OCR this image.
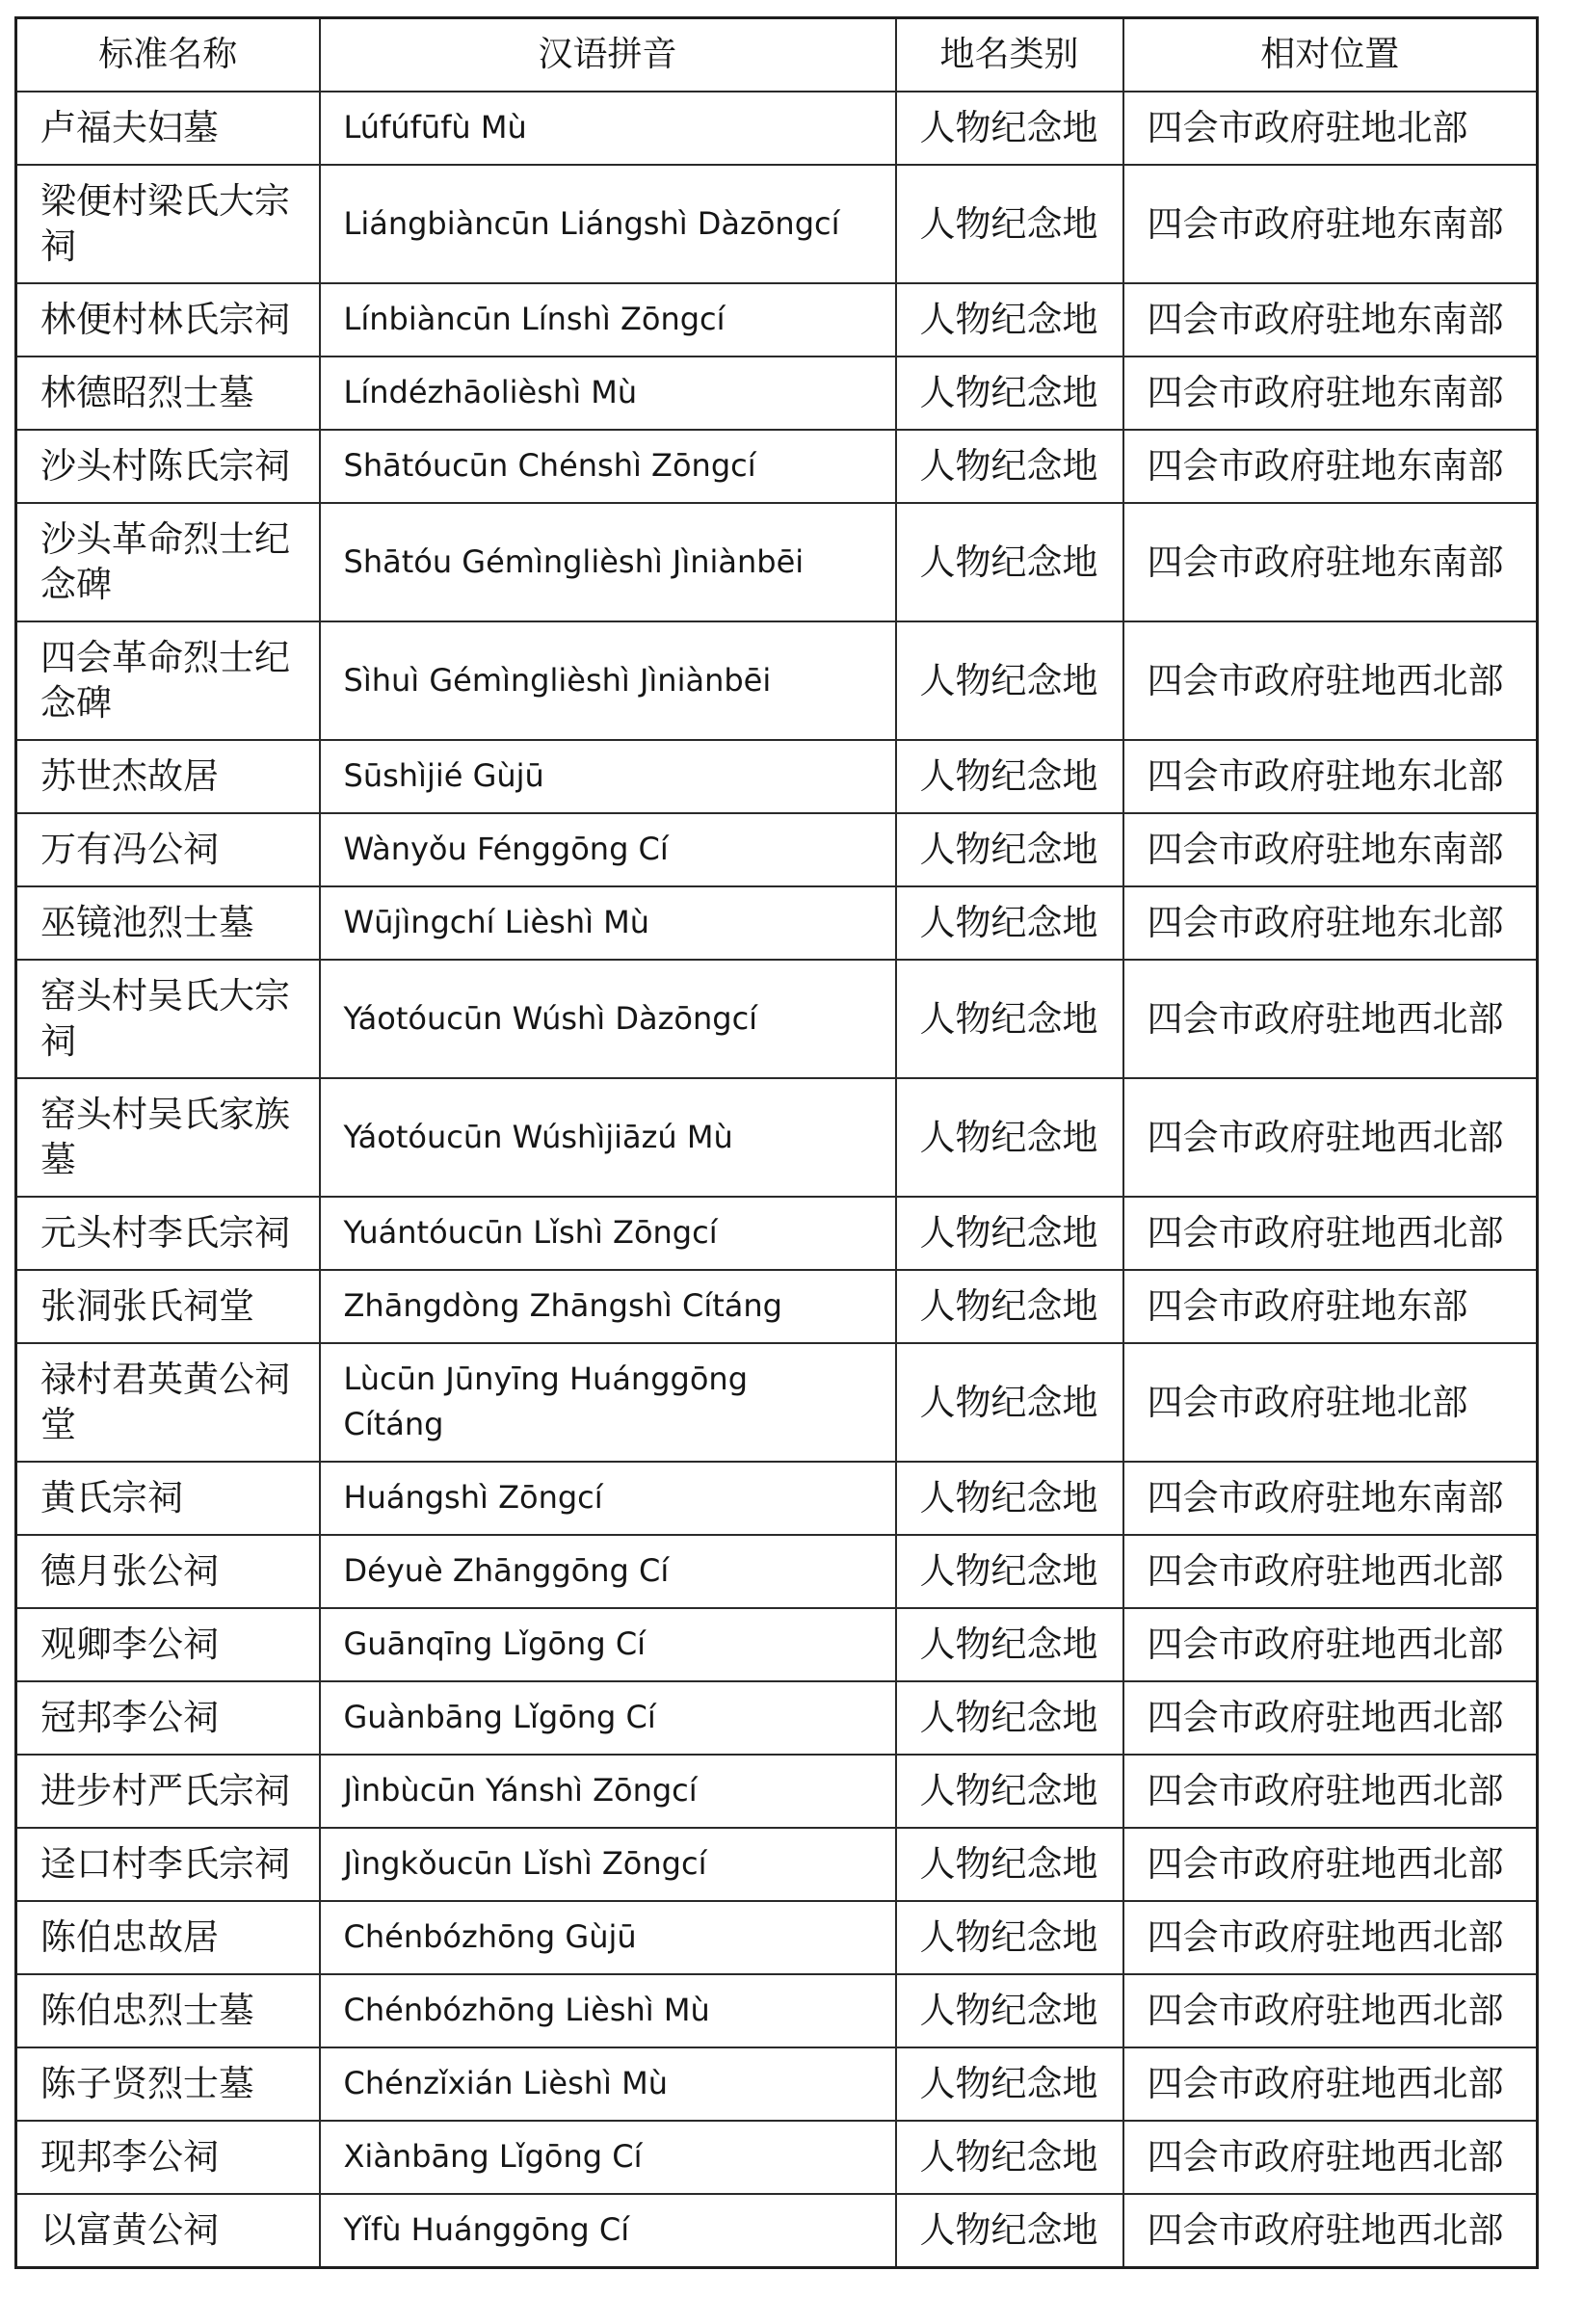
标准名称	汉语拼音	地名类别	相对位置
卢福夫妇墓	Lúfúfūfù Mù	人物纪念地	四会市政府驻地北部
梁便村梁氏大宗祠	Liángbiàncūn Liángshì Dàzōngcí	人物纪念地	四会市政府驻地东南部
林便村林氏宗祠	Línbiàncūn Línshì Zōngcí	人物纪念地	四会市政府驻地东南部
林德昭烈士墓	Líndézhāolièshì Mù	人物纪念地	四会市政府驻地东南部
沙头村陈氏宗祠	Shātóucūn Chénshì Zōngcí	人物纪念地	四会市政府驻地东南部
沙头革命烈士纪念碑	Shātóu Gémìnglièshì Jìniànbēi	人物纪念地	四会市政府驻地东南部
四会革命烈士纪念碑	Sìhuì Gémìnglièshì Jìniànbēi	人物纪念地	四会市政府驻地西北部
苏世杰故居	Sūshìjié Gùjū	人物纪念地	四会市政府驻地东北部
万有冯公祠	Wànyǒu Fénggōng Cí	人物纪念地	四会市政府驻地东南部
巫镜池烈士墓	Wūjìngchí Lièshì Mù	人物纪念地	四会市政府驻地东北部
窑头村吴氏大宗祠	Yáotóucūn Wúshì Dàzōngcí	人物纪念地	四会市政府驻地西北部
窑头村吴氏家族墓	Yáotóucūn Wúshìjiāzú Mù	人物纪念地	四会市政府驻地西北部
元头村李氏宗祠	Yuántóucūn Lǐshì Zōngcí	人物纪念地	四会市政府驻地西北部
张洞张氏祠堂	Zhāngdòng Zhāngshì Cítáng	人物纪念地	四会市政府驻地东部
禄村君英黄公祠堂	Lùcūn Jūnyīng Huánggōng Cítáng	人物纪念地	四会市政府驻地北部
黄氏宗祠	Huángshì Zōngcí	人物纪念地	四会市政府驻地东南部
德月张公祠	Déyuè Zhānggōng Cí	人物纪念地	四会市政府驻地西北部
观卿李公祠	Guānqīng Lǐgōng Cí	人物纪念地	四会市政府驻地西北部
冠邦李公祠	Guànbāng Lǐgōng Cí	人物纪念地	四会市政府驻地西北部
进步村严氏宗祠	Jìnbùcūn Yánshì Zōngcí	人物纪念地	四会市政府驻地西北部
迳口村李氏宗祠	Jìngkǒucūn Lǐshì Zōngcí	人物纪念地	四会市政府驻地西北部
陈伯忠故居	Chénbózhōng Gùjū	人物纪念地	四会市政府驻地西北部
陈伯忠烈士墓	Chénbózhōng Lièshì Mù	人物纪念地	四会市政府驻地西北部
陈子贤烈士墓	Chénzǐxián Lièshì Mù	人物纪念地	四会市政府驻地西北部
现邦李公祠	Xiànbāng Lǐgōng Cí	人物纪念地	四会市政府驻地西北部
以富黄公祠	Yǐfù Huánggōng Cí	人物纪念地	四会市政府驻地西北部
